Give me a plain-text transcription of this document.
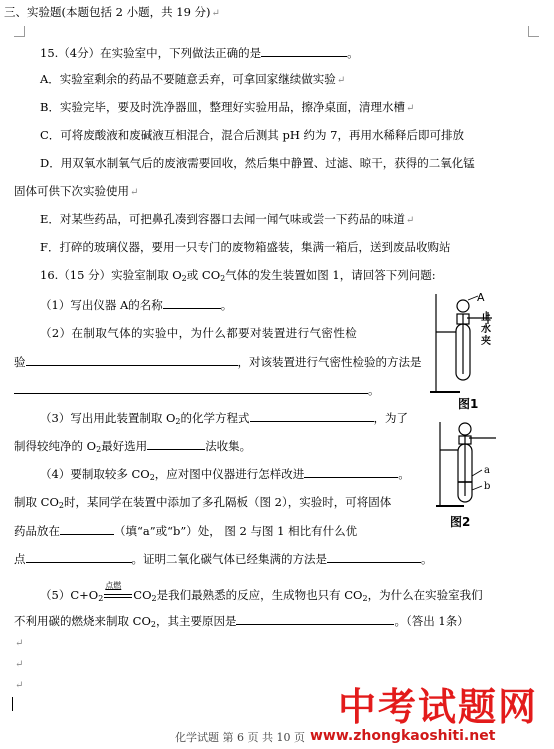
三、实验题(本题包括 2 小题，共 19 分)↵
15.（4分）在实验室中，下列做法正确的是	。
A．实验室剩余的药品不要随意丢弃，可拿回家继续做实验↵
B．实验完毕，要及时洗净器皿，整理好实验用品，擦净桌面，清理水槽↵
C．可将废酸液和废碱液互相混合，混合后测其 pH 约为 7，再用水稀释后即可排放
D．用双氧水制氧气后的废液需要回收，然后集中静置、过滤、晾干，获得的二氧化锰
固体可供下次实验使用↵
E．对某些药品，可把鼻孔凑到容器口去闻一闻气味或尝一下药品的味道↵
F．打碎的玻璃仪器，要用一只专门的废物箱盛装，集满一箱后，送到废品收购站
16.（15 分）实验室制取 $O_2$或 $CO_2$气体的发生装置如图 1，请回答下列问题:
（1）写出仪器 A的名称	。
（2）在制取气体的实验中，为什么都要对装置进行气密性检
验	，对该装置进行气密性检验的方法是
。
（3）写出用此装置制取 $O_2$的化学方程式	，为了
制得较纯净的 $O_2$最好选用	法收集。
（4）要制取较多 $CO_2$，应对图中仪器进行怎样改进	。
制取 $CO_2$时，某同学在装置中添加了多孔隔板（图 2），实验时，可将固体
药品放在	（填“a”或“b”）处， 图 2 与图 1 相比有什么优
点	。证明二氧化碳气体已经集满的方法是	。
$(5)C+O_2$
点燃
$CO_2$是我们最熟悉的反应，生成物也只有 $CO_2$，为什么在实验室我们
不利用碳的燃烧来制取 $CO_2$，其主要原因是	。（答出 1条）
↵
↵
↵
A
止水夹
图1
a
b
图2
化学试题 第 6 页 共 10 页
中考试题网
www.zhongkaoshiti.net
